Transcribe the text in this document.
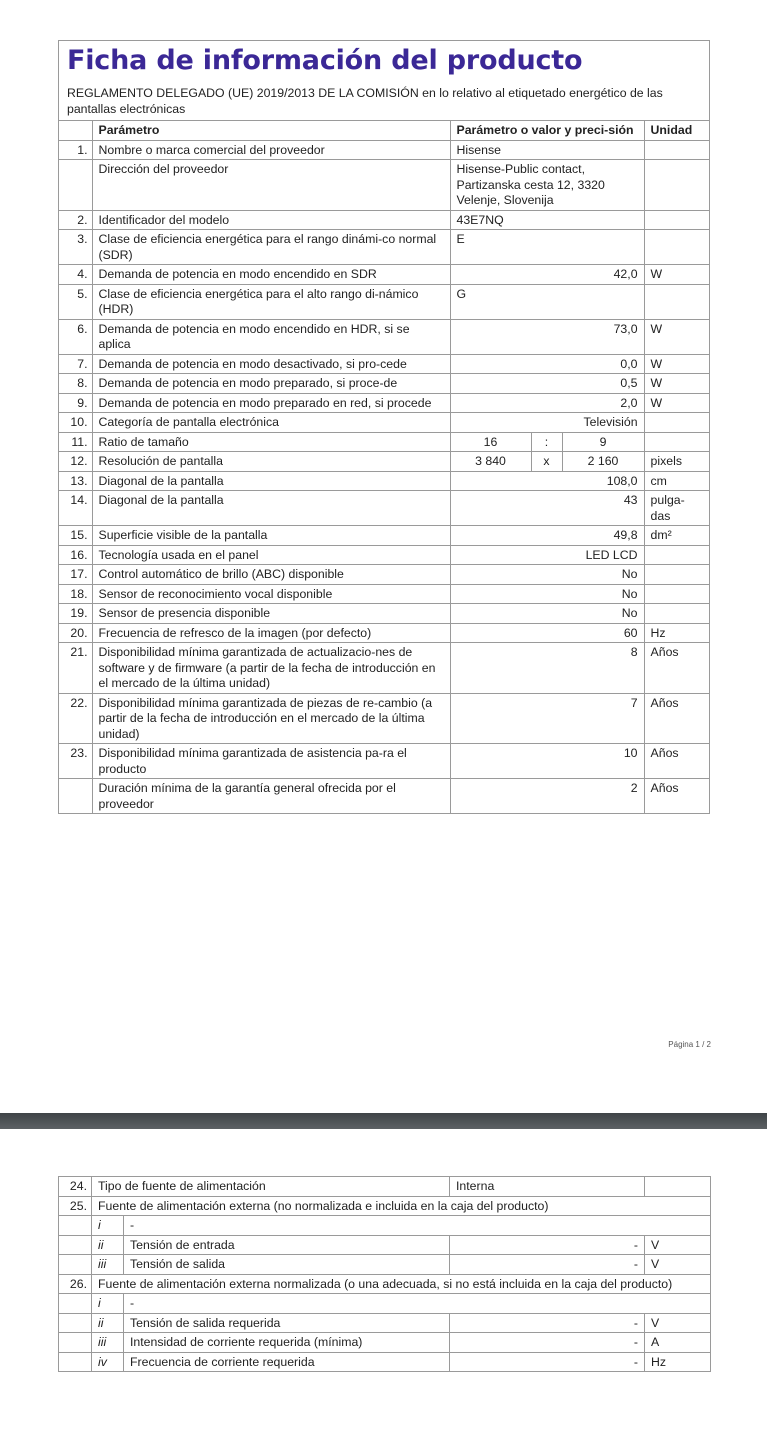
Ficha de información del producto
REGLAMENTO DELEGADO (UE) 2019/2013 DE LA COMISIÓN en lo relativo al etiquetado energético de las pantallas electrónicas
	Parámetro	Parámetro o valor y preci-sión			Unidad
1.	Nombre o marca comercial del proveedor	Hisense			
	Dirección del proveedor	Hisense-Public contact, Partizanska cesta 12, 3320 Velenje, Slovenija			
2.	Identificador del modelo	43E7NQ			
3.	Clase de eficiencia energética para el rango dinámi-co normal (SDR)	E			
4.	Demanda de potencia en modo encendido en SDR	42,0			W
5.	Clase de eficiencia energética para el alto rango di-námico (HDR)	G			
6.	Demanda de potencia en modo encendido en HDR, si se aplica	73,0			W
7.	Demanda de potencia en modo desactivado, si pro-cede	0,0			W
8.	Demanda de potencia en modo preparado, si proce-de	0,5			W
9.	Demanda de potencia en modo preparado en red, si procede	2,0			W
10.	Categoría de pantalla electrónica	Televisión			
11.	Ratio de tamaño	16	:	9	
12.	Resolución de pantalla	3 840	x	2 160	pixels
13.	Diagonal de la pantalla	108,0			cm
14.	Diagonal de la pantalla	43			pulga-das
15.	Superficie visible de la pantalla	49,8			dm²
16.	Tecnología usada en el panel	LED LCD			
17.	Control automático de brillo (ABC) disponible	No			
18.	Sensor de reconocimiento vocal disponible	No			
19.	Sensor de presencia disponible	No			
20.	Frecuencia de refresco de la imagen (por defecto)	60			Hz
21.	Disponibilidad mínima garantizada de actualizacio-nes de software y de firmware (a partir de la fecha de introducción en el mercado de la última unidad)	8			Años
22.	Disponibilidad mínima garantizada de piezas de re-cambio (a partir de la fecha de introducción en el mercado de la última unidad)	7			Años
23.	Disponibilidad mínima garantizada de asistencia pa-ra el producto	10			Años
	Duración mínima de la garantía general ofrecida por el proveedor	2			Años
Página 1 / 2
24.	Tipo de fuente de alimentación		Interna	
25.	Fuente de alimentación externa (no normalizada e incluida en la caja del producto)			
	i	-		
	ii	Tensión de entrada	-	V
	iii	Tensión de salida	-	V
26.	Fuente de alimentación externa normalizada (o una adecuada, si no está incluida en la caja del producto)			
	i	-		
	ii	Tensión de salida requerida	-	V
	iii	Intensidad de corriente requerida (mínima)	-	A
	iv	Frecuencia de corriente requerida	-	Hz
